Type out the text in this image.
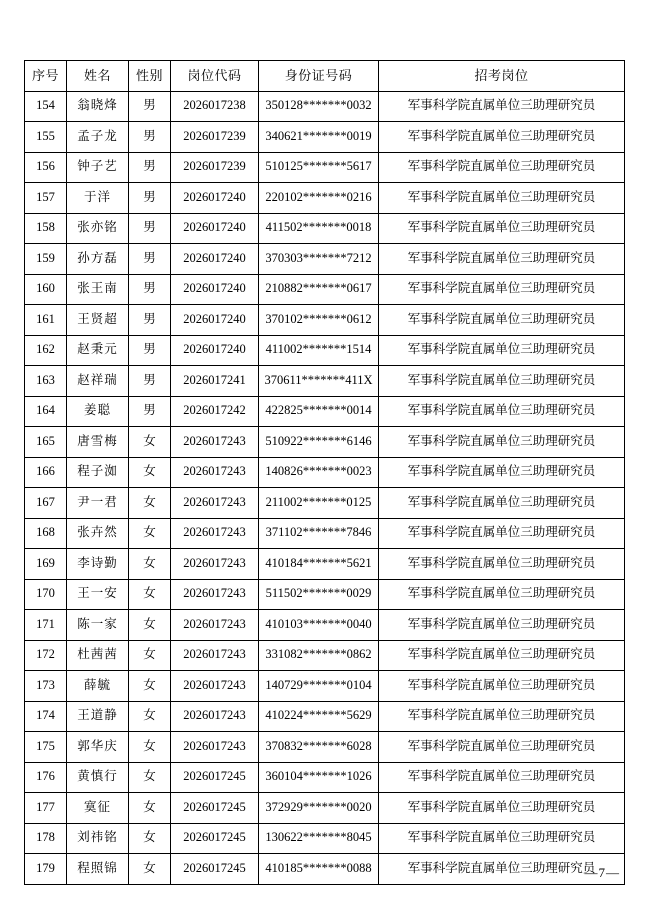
序号	姓名	性别	岗位代码	身份证号码	招考岗位
154	翁晓烽	男	2026017238	350128*******0032	军事科学院直属单位三助理研究员
155	孟子龙	男	2026017239	340621*******0019	军事科学院直属单位三助理研究员
156	钟子艺	男	2026017239	510125*******5617	军事科学院直属单位三助理研究员
157	于洋	男	2026017240	220102*******0216	军事科学院直属单位三助理研究员
158	张亦铭	男	2026017240	411502*******0018	军事科学院直属单位三助理研究员
159	孙方磊	男	2026017240	370303*******7212	军事科学院直属单位三助理研究员
160	张王南	男	2026017240	210882*******0617	军事科学院直属单位三助理研究员
161	王贤超	男	2026017240	370102*******0612	军事科学院直属单位三助理研究员
162	赵秉元	男	2026017240	411002*******1514	军事科学院直属单位三助理研究员
163	赵祥瑞	男	2026017241	370611*******411X	军事科学院直属单位三助理研究员
164	姜聪	男	2026017242	422825*******0014	军事科学院直属单位三助理研究员
165	唐雪梅	女	2026017243	510922*******6146	军事科学院直属单位三助理研究员
166	程子洳	女	2026017243	140826*******0023	军事科学院直属单位三助理研究员
167	尹一君	女	2026017243	211002*******0125	军事科学院直属单位三助理研究员
168	张卉然	女	2026017243	371102*******7846	军事科学院直属单位三助理研究员
169	李诗勤	女	2026017243	410184*******5621	军事科学院直属单位三助理研究员
170	王一安	女	2026017243	511502*******0029	军事科学院直属单位三助理研究员
171	陈一家	女	2026017243	410103*******0040	军事科学院直属单位三助理研究员
172	杜茜茜	女	2026017243	331082*******0862	军事科学院直属单位三助理研究员
173	薛毓	女	2026017243	140729*******0104	军事科学院直属单位三助理研究员
174	王道静	女	2026017243	410224*******5629	军事科学院直属单位三助理研究员
175	郭华庆	女	2026017243	370832*******6028	军事科学院直属单位三助理研究员
176	黄慎行	女	2026017245	360104*******1026	军事科学院直属单位三助理研究员
177	寞征	女	2026017245	372929*******0020	军事科学院直属单位三助理研究员
178	刘祎铭	女	2026017245	130622*******8045	军事科学院直属单位三助理研究员
179	程照锦	女	2026017245	410185*******0088	军事科学院直属单位三助理研究员
—7—
